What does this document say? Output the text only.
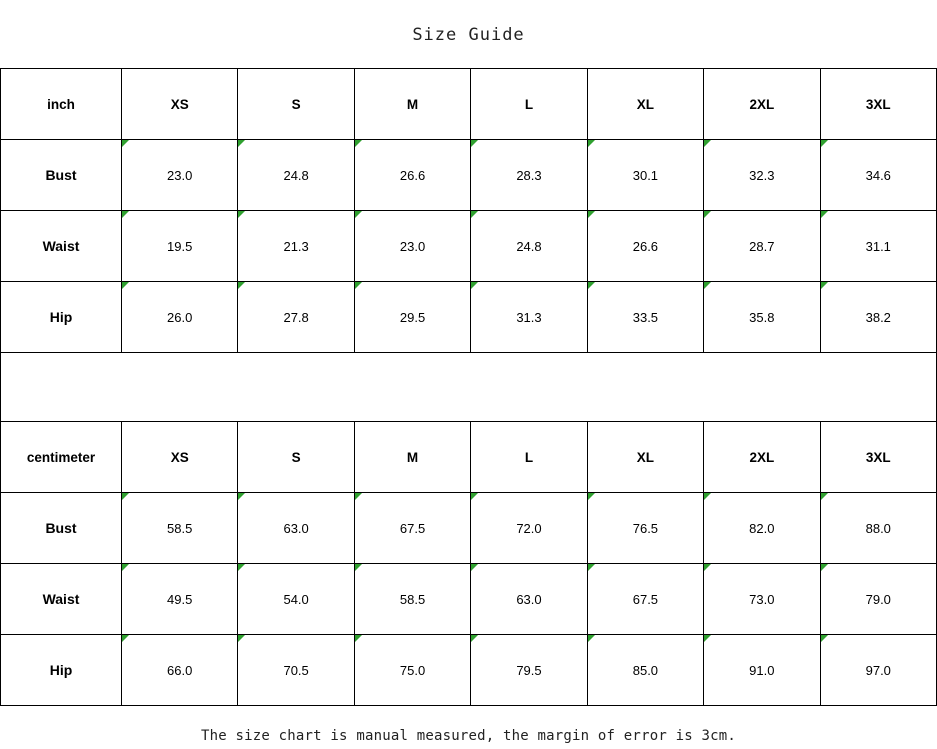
Size Guide
inch	XS	S	M	L	XL	2XL	3XL
Bust	23.0	24.8	26.6	28.3	30.1	32.3	34.6
Waist	19.5	21.3	23.0	24.8	26.6	28.7	31.1
Hip	26.0	27.8	29.5	31.3	33.5	35.8	38.2
centimeter	XS	S	M	L	XL	2XL	3XL
Bust	58.5	63.0	67.5	72.0	76.5	82.0	88.0
Waist	49.5	54.0	58.5	63.0	67.5	73.0	79.0
Hip	66.0	70.5	75.0	79.5	85.0	91.0	97.0
The size chart is manual measured, the margin of error is 3cm.
